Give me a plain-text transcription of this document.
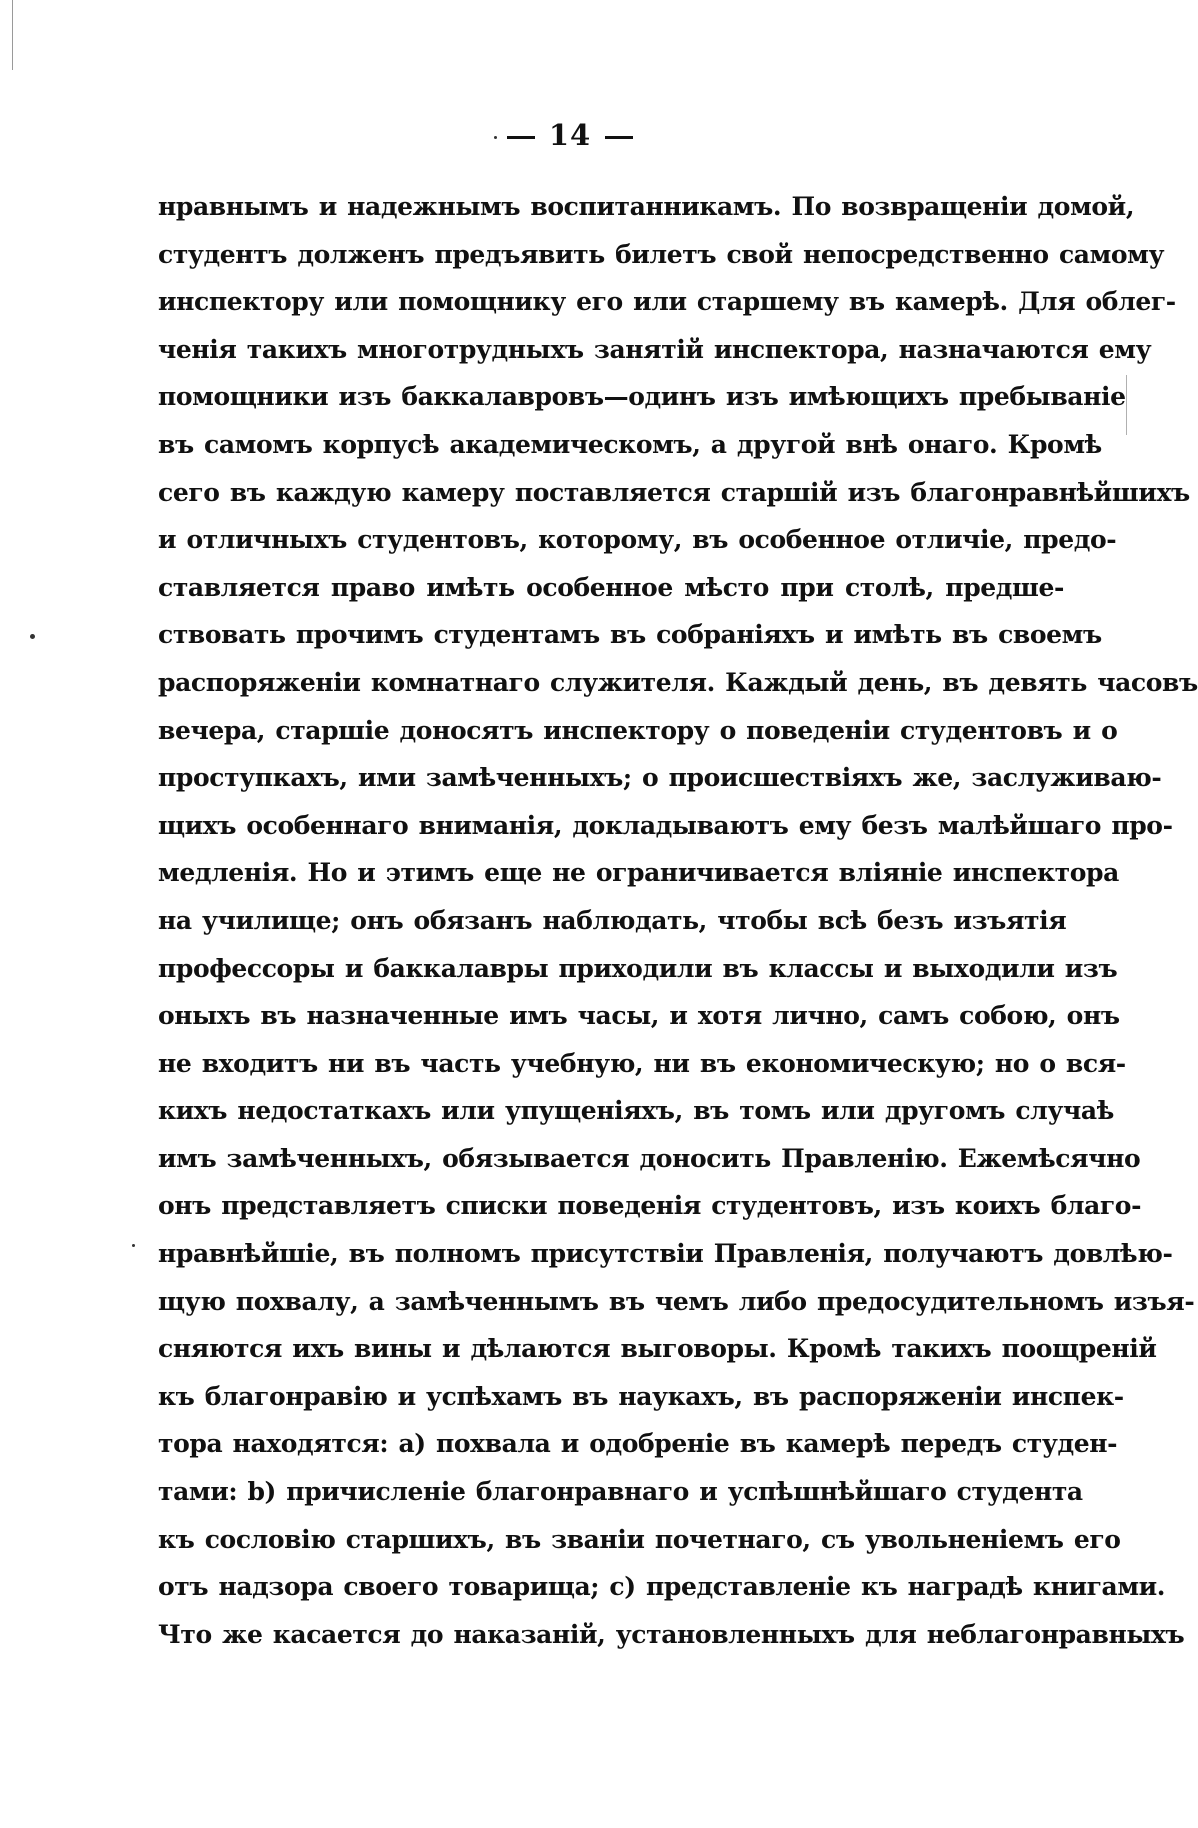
14
нравнымъ и надежнымъ воспитанникамъ. По возвращеніи домой,
студентъ долженъ предъявить билетъ свой непосредственно самому
инспектору или помощнику его или старшему въ камерѣ. Для облег-
ченія такихъ многотрудныхъ занятій инспектора, назначаются ему
помощники изъ баккалавровъ—одинъ изъ имѣющихъ пребываніе
въ самомъ корпусѣ академическомъ, а другой внѣ онаго. Кромѣ
сего въ каждую камеру поставляется старшій изъ благонравнѣйшихъ
и отличныхъ студентовъ, которому, въ особенное отличіе, предо-
ставляется право имѣть особенное мѣсто при столѣ, предше-
ствовать прочимъ студентамъ въ собраніяхъ и имѣть въ своемъ
распоряженіи комнатнаго служителя. Каждый день, въ девять часовъ
вечера, старшіе доносятъ инспектору о поведеніи студентовъ и о
проступкахъ, ими замѣченныхъ; о происшествіяхъ же, заслуживаю-
щихъ особеннаго вниманія, докладываютъ ему безъ малѣйшаго про-
медленія. Но и этимъ еще не ограничивается вліяніе инспектора
на училище; онъ обязанъ наблюдать, чтобы всѣ безъ изъятія
профессоры и баккалавры приходили въ классы и выходили изъ
оныхъ въ назначенные имъ часы, и хотя лично, самъ собою, онъ
не входитъ ни въ часть учебную, ни въ економическую; но о вся-
кихъ недостаткахъ или упущеніяхъ, въ томъ или другомъ случаѣ
имъ замѣченныхъ, обязывается доносить Правленію. Ежемѣсячно
онъ представляетъ списки поведенія студентовъ, изъ коихъ благо-
нравнѣйшіе, въ полномъ присутствіи Правленія, получаютъ довлѣю-
щую похвалу, а замѣченнымъ въ чемъ либо предосудительномъ изъя-
сняются ихъ вины и дѣлаются выговоры. Кромѣ такихъ поощреній
къ благонравію и успѣхамъ въ наукахъ, въ распоряженіи инспек-
тора находятся: а) похвала и одобреніе въ камерѣ передъ студен-
тами: b) причисленіе благонравнаго и успѣшнѣйшаго студента
къ сословію старшихъ, въ званіи почетнаго, съ увольненіемъ его
отъ надзора своего товарища; с) представленіе къ наградѣ книгами.
Что же касается до наказаній, установленныхъ для неблагонравныхъ
